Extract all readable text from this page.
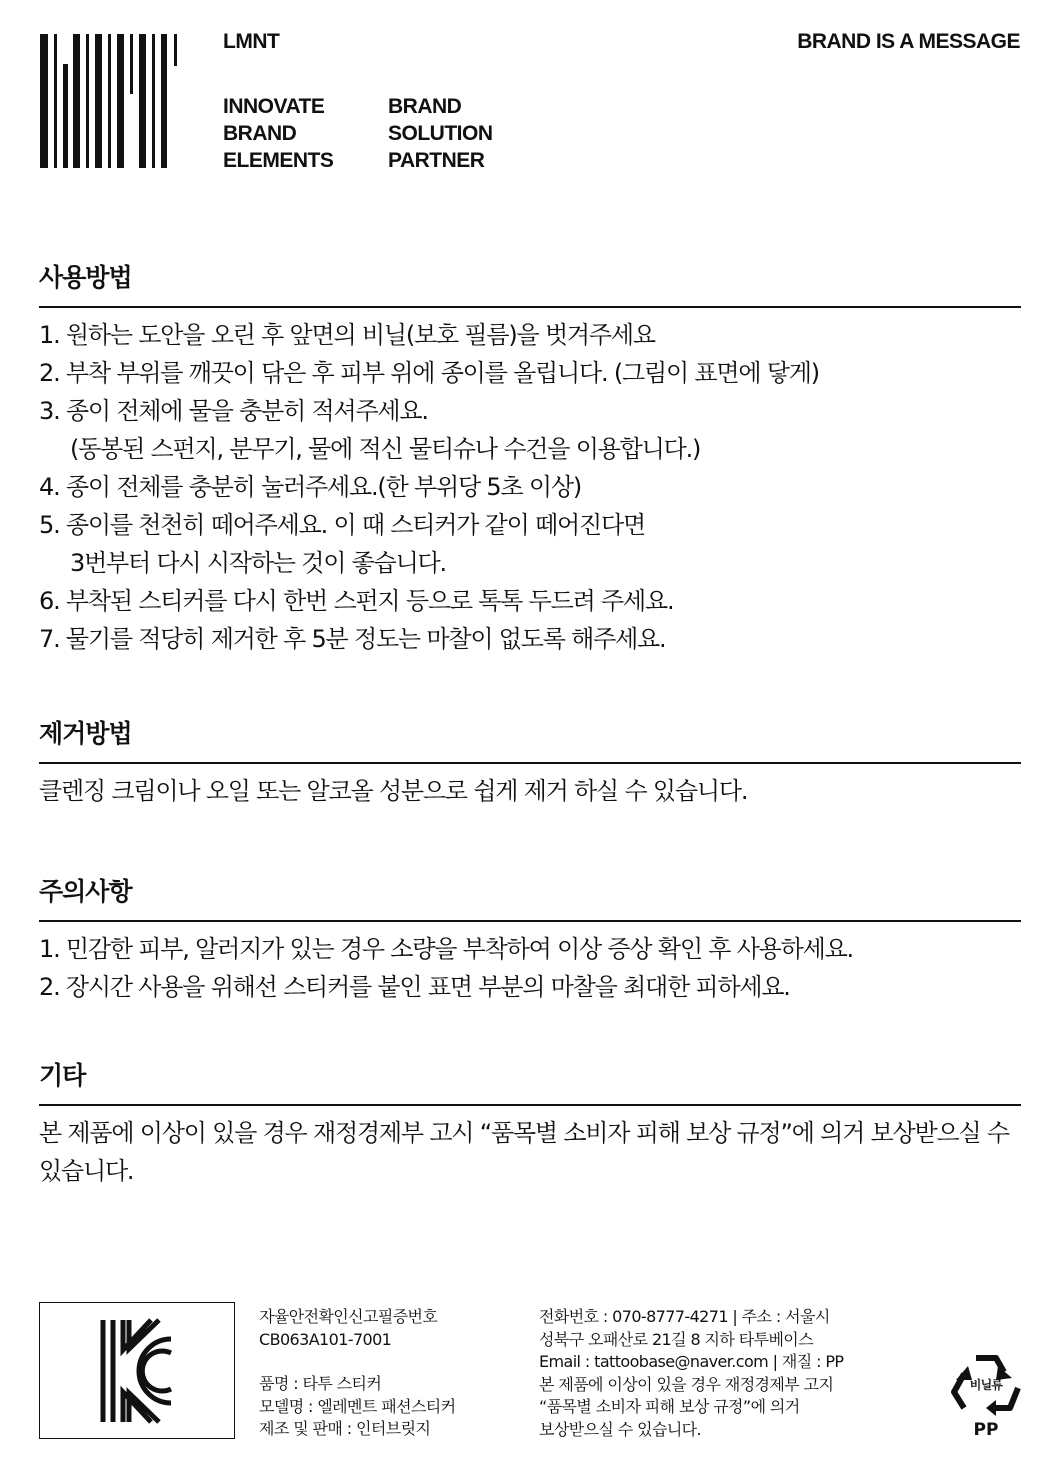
LMNT	BRAND IS A MESSAGE
INNOVATE
BRAND
ELEMENTS
BRAND
SOLUTION
PARTNER
사용방법
1. 원하는 도안을 오린 후 앞면의 비닐(보호 필름)을 벗겨주세요
2. 부착 부위를 깨끗이 닦은 후 피부 위에 종이를 올립니다. (그림이 표면에 닿게)
3. 종이 전체에 물을 충분히 적셔주세요.
(동봉된 스펀지, 분무기, 물에 적신 물티슈나 수건을 이용합니다.)
4. 종이 전체를 충분히 눌러주세요.(한 부위당 5초 이상)
5. 종이를 천천히 떼어주세요. 이 때 스티커가 같이 떼어진다면
3번부터 다시 시작하는 것이 좋습니다.
6. 부착된 스티커를 다시 한번 스펀지 등으로 톡톡 두드려 주세요.
7. 물기를 적당히 제거한 후 5분 정도는 마찰이 없도록 해주세요.
제거방법
클렌징 크림이나 오일 또는 알코올 성분으로 쉽게 제거 하실 수 있습니다.
주의사항
1. 민감한 피부, 알러지가 있는 경우 소량을 부착하여 이상 증상 확인 후 사용하세요.
2. 장시간 사용을 위해선 스티커를 붙인 표면 부분의 마찰을 최대한 피하세요.
기타
본 제품에 이상이 있을 경우 재정경제부 고시 “품목별 소비자 피해 보상 규정”에 의거 보상받으실 수 있습니다.
자율안전확인신고필증번호
CB063A101-7001
품명 : 타투 스티커
모델명 : 엘레멘트 패션스티커
제조 및 판매 : 인터브릿지
전화번호 : 070-8777-4271 | 주소 : 서울시
성북구 오패산로 21길 8 지하 타투베이스
Email : tattoobase@naver.com | 재질 : PP
본 제품에 이상이 있을 경우 재정경제부 고지
“품목별 소비자 피해 보상 규정”에 의거
보상받으실 수 있습니다.
비닐류
PP
